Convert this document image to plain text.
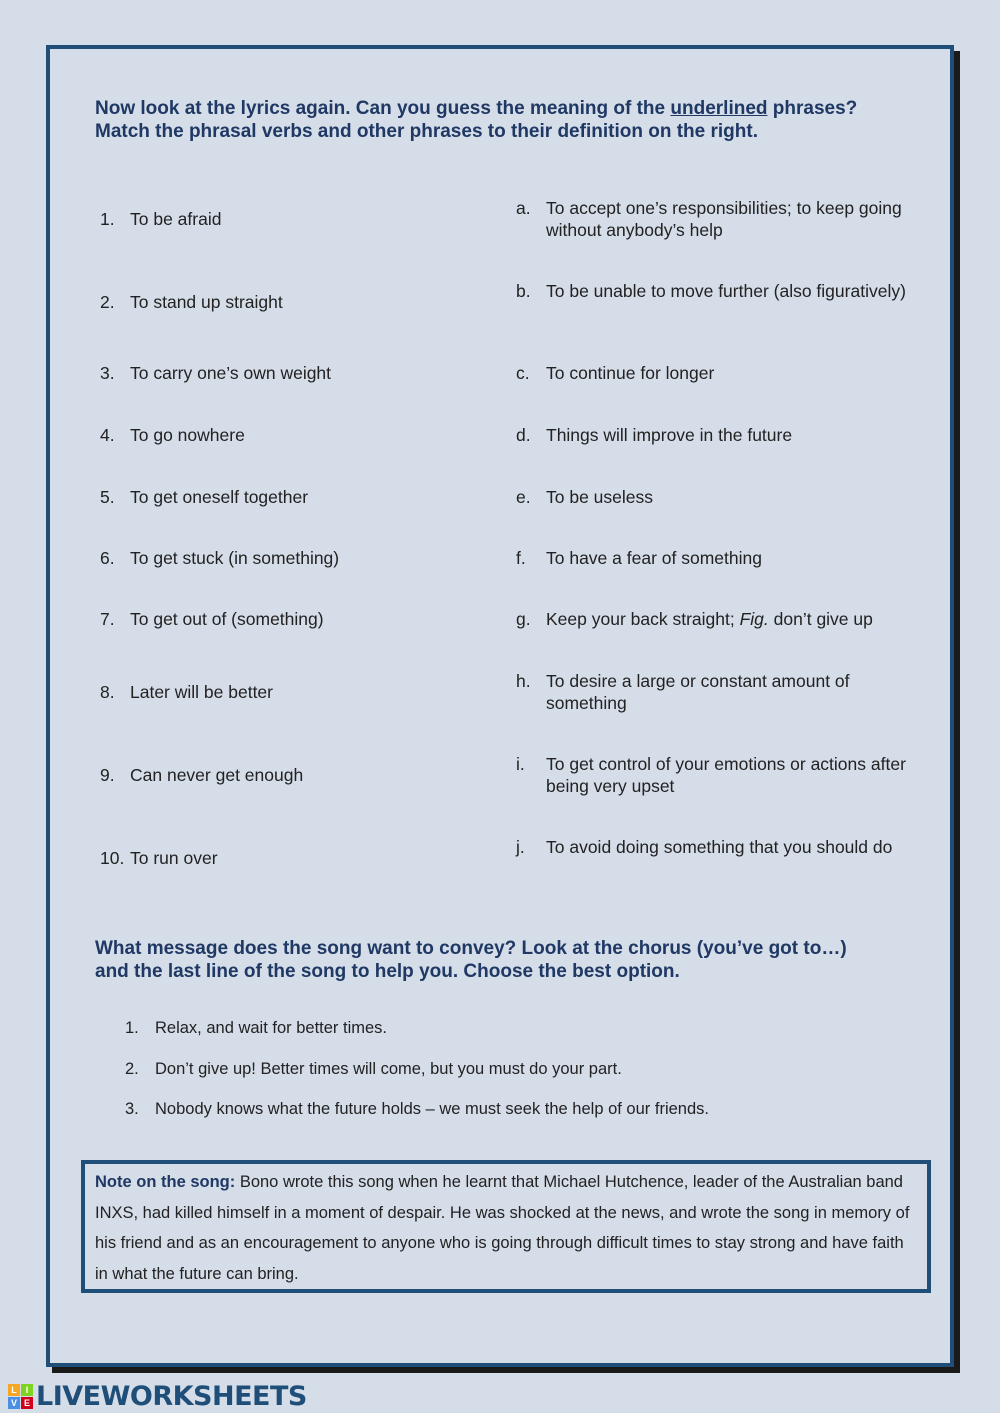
Now look at the lyrics again. Can you guess the meaning of the underlined phrases?
Match the phrasal verbs and other phrases to their definition on the right.
1. To be afraid
2. To stand up straight
3. To carry one’s own weight
4. To go nowhere
5. To get oneself together
6. To get stuck (in something)
7. To get out of (something)
8. Later will be better
9. Can never get enough
10. To run over
a. To accept one’s responsibilities; to keep going without anybody’s help
b. To be unable to move further (also figuratively)
c. To continue for longer
d. Things will improve in the future
e. To be useless
f. To have a fear of something
g. Keep your back straight; Fig. don’t give up
h. To desire a large or constant amount of something
i. To get control of your emotions or actions after being very upset
j. To avoid doing something that you should do
What message does the song want to convey? Look at the chorus (you’ve got to…)
and the last line of the song to help you. Choose the best option.
1. Relax, and wait for better times.
2. Don’t give up! Better times will come, but you must do your part.
3. Nobody knows what the future holds – we must seek the help of our friends.
Note on the song: Bono wrote this song when he learnt that Michael Hutchence, leader of the Australian band INXS, had killed himself in a moment of despair. He was shocked at the news, and wrote the song in memory of his friend and as an encouragement to anyone who is going through difficult times to stay strong and have faith in what the future can bring.
L I
V E LIVEWORKSHEETS
